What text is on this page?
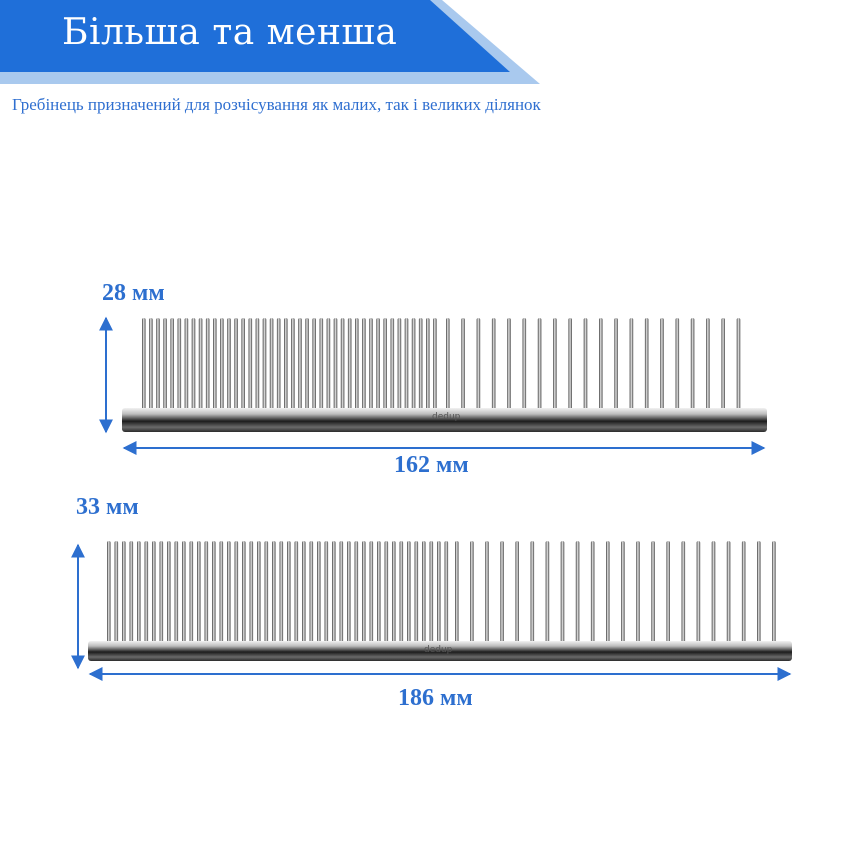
Більша та менша
Гребінець призначений для розчісування як малих, так і великих ділянок
dedup
dedup
28 мм
162 мм
33 мм
186 мм
